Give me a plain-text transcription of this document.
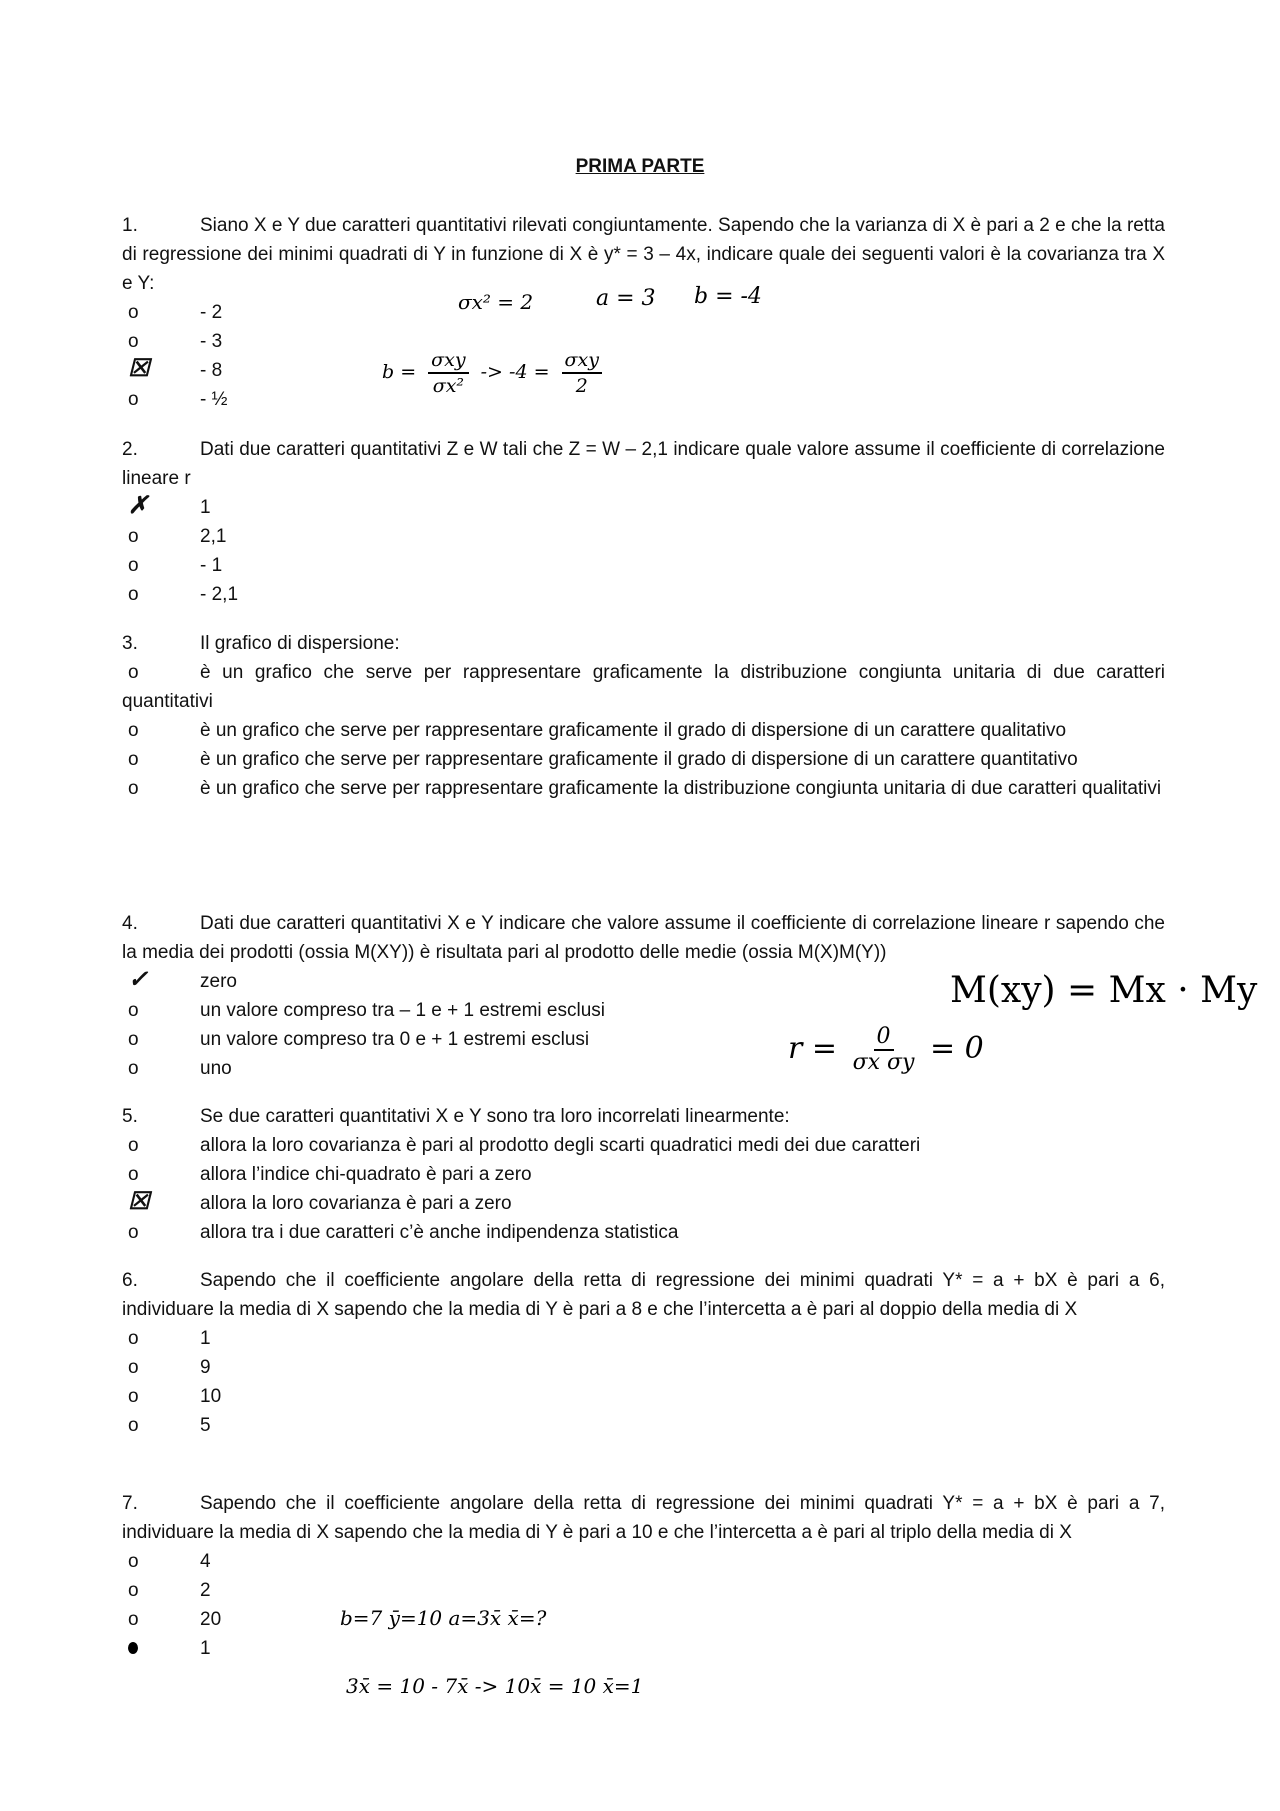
PRIMA PARTE

1.	Siano X e Y due caratteri quantitativi rilevati congiuntamente. Sapendo che la varianza di X è pari a 2 e che la retta di regressione dei minimi quadrati di Y in funzione di X è y* = 3 – 4x, indicare quale dei seguenti valori è la covarianza tra X e Y:

o	- 2
o	- 3
☒	- 8
o	- ½

2.	Dati due caratteri quantitativi Z e W tali che Z = W – 2,1 indicare quale valore assume il coefficiente di correlazione lineare r

✗	1
o	2,1
o	- 1
o	- 2,1

3.	Il grafico di dispersione:

o	è un grafico che serve per rappresentare graficamente la distribuzione congiunta unitaria di due caratteri quantitativi
o	è un grafico che serve per rappresentare graficamente il grado di dispersione di un carattere qualitativo
o	è un grafico che serve per rappresentare graficamente il grado di dispersione di un carattere quantitativo
o	è un grafico che serve per rappresentare graficamente la distribuzione congiunta unitaria di due caratteri qualitativi

4.	Dati due caratteri quantitativi X e Y indicare che valore assume il coefficiente di correlazione lineare r sapendo che la media dei prodotti (ossia M(XY)) è risultata pari al prodotto delle medie (ossia M(X)M(Y))

✓	zero
o	un valore compreso tra – 1 e + 1 estremi esclusi
o	un valore compreso tra 0 e + 1 estremi esclusi
o	uno

5.	Se due caratteri quantitativi X e Y sono tra loro incorrelati linearmente:

o	allora la loro covarianza è pari al prodotto degli scarti quadratici medi dei due caratteri
o	allora l’indice chi-quadrato è pari a zero
☒	allora la loro covarianza è pari a zero
o	allora tra i due caratteri c’è anche indipendenza statistica

6.	Sapendo che il coefficiente angolare della retta di regressione dei minimi quadrati Y* = a + bX è pari a 6, individuare la media di X sapendo che la media di Y è pari a 8 e che l’intercetta a è pari al doppio della media di X

o	1
o	9
o	10
o	5

7.	Sapendo che il coefficiente angolare della retta di regressione dei minimi quadrati Y* = a + bX è pari a 7, individuare la media di X sapendo che la media di Y è pari a 10 e che l’intercetta a è pari al triplo della media di X

o	4
o	2
o	20
1
σx² = 2	a = 3 b = -4
$b = \frac{\text{σxy}}{\text{σx²}} -> -4 = \frac{\text{σxy}}{2}$
M(xy) = Mx · My
$r = \frac{0}{\text{σx σy}} = 0$
b=7 ȳ=10 a=3x̄ x̄=?
3x̄ = 10 - 7x̄ -> 10x̄ = 10 x̄=1
